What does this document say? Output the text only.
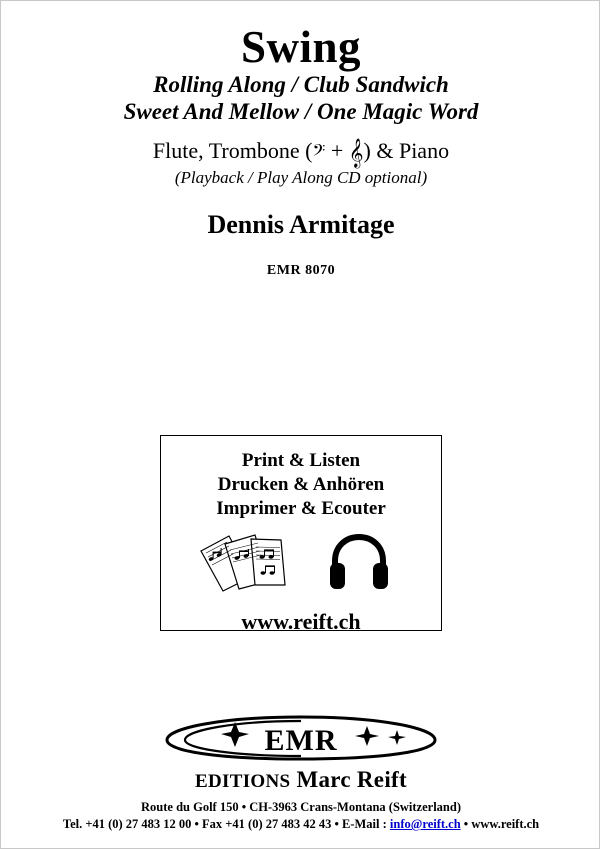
Swing
Rolling Along / Club Sandwich
Sweet And Mellow / One Magic Word
Flute, Trombone (𝄢 + 𝄞) & Piano
(Playback / Play Along CD optional)
Dennis Armitage
EMR 8070
Print & Listen
Drucken & Anhören
Imprimer & Ecouter
www.reift.ch
EMR
EDITIONS Marc Reift
Route du Golf 150 • CH-3963 Crans-Montana (Switzerland)
Tel. +41 (0) 27 483 12 00 • Fax +41 (0) 27 483 42 43 • E-Mail : info@reift.ch • www.reift.ch
